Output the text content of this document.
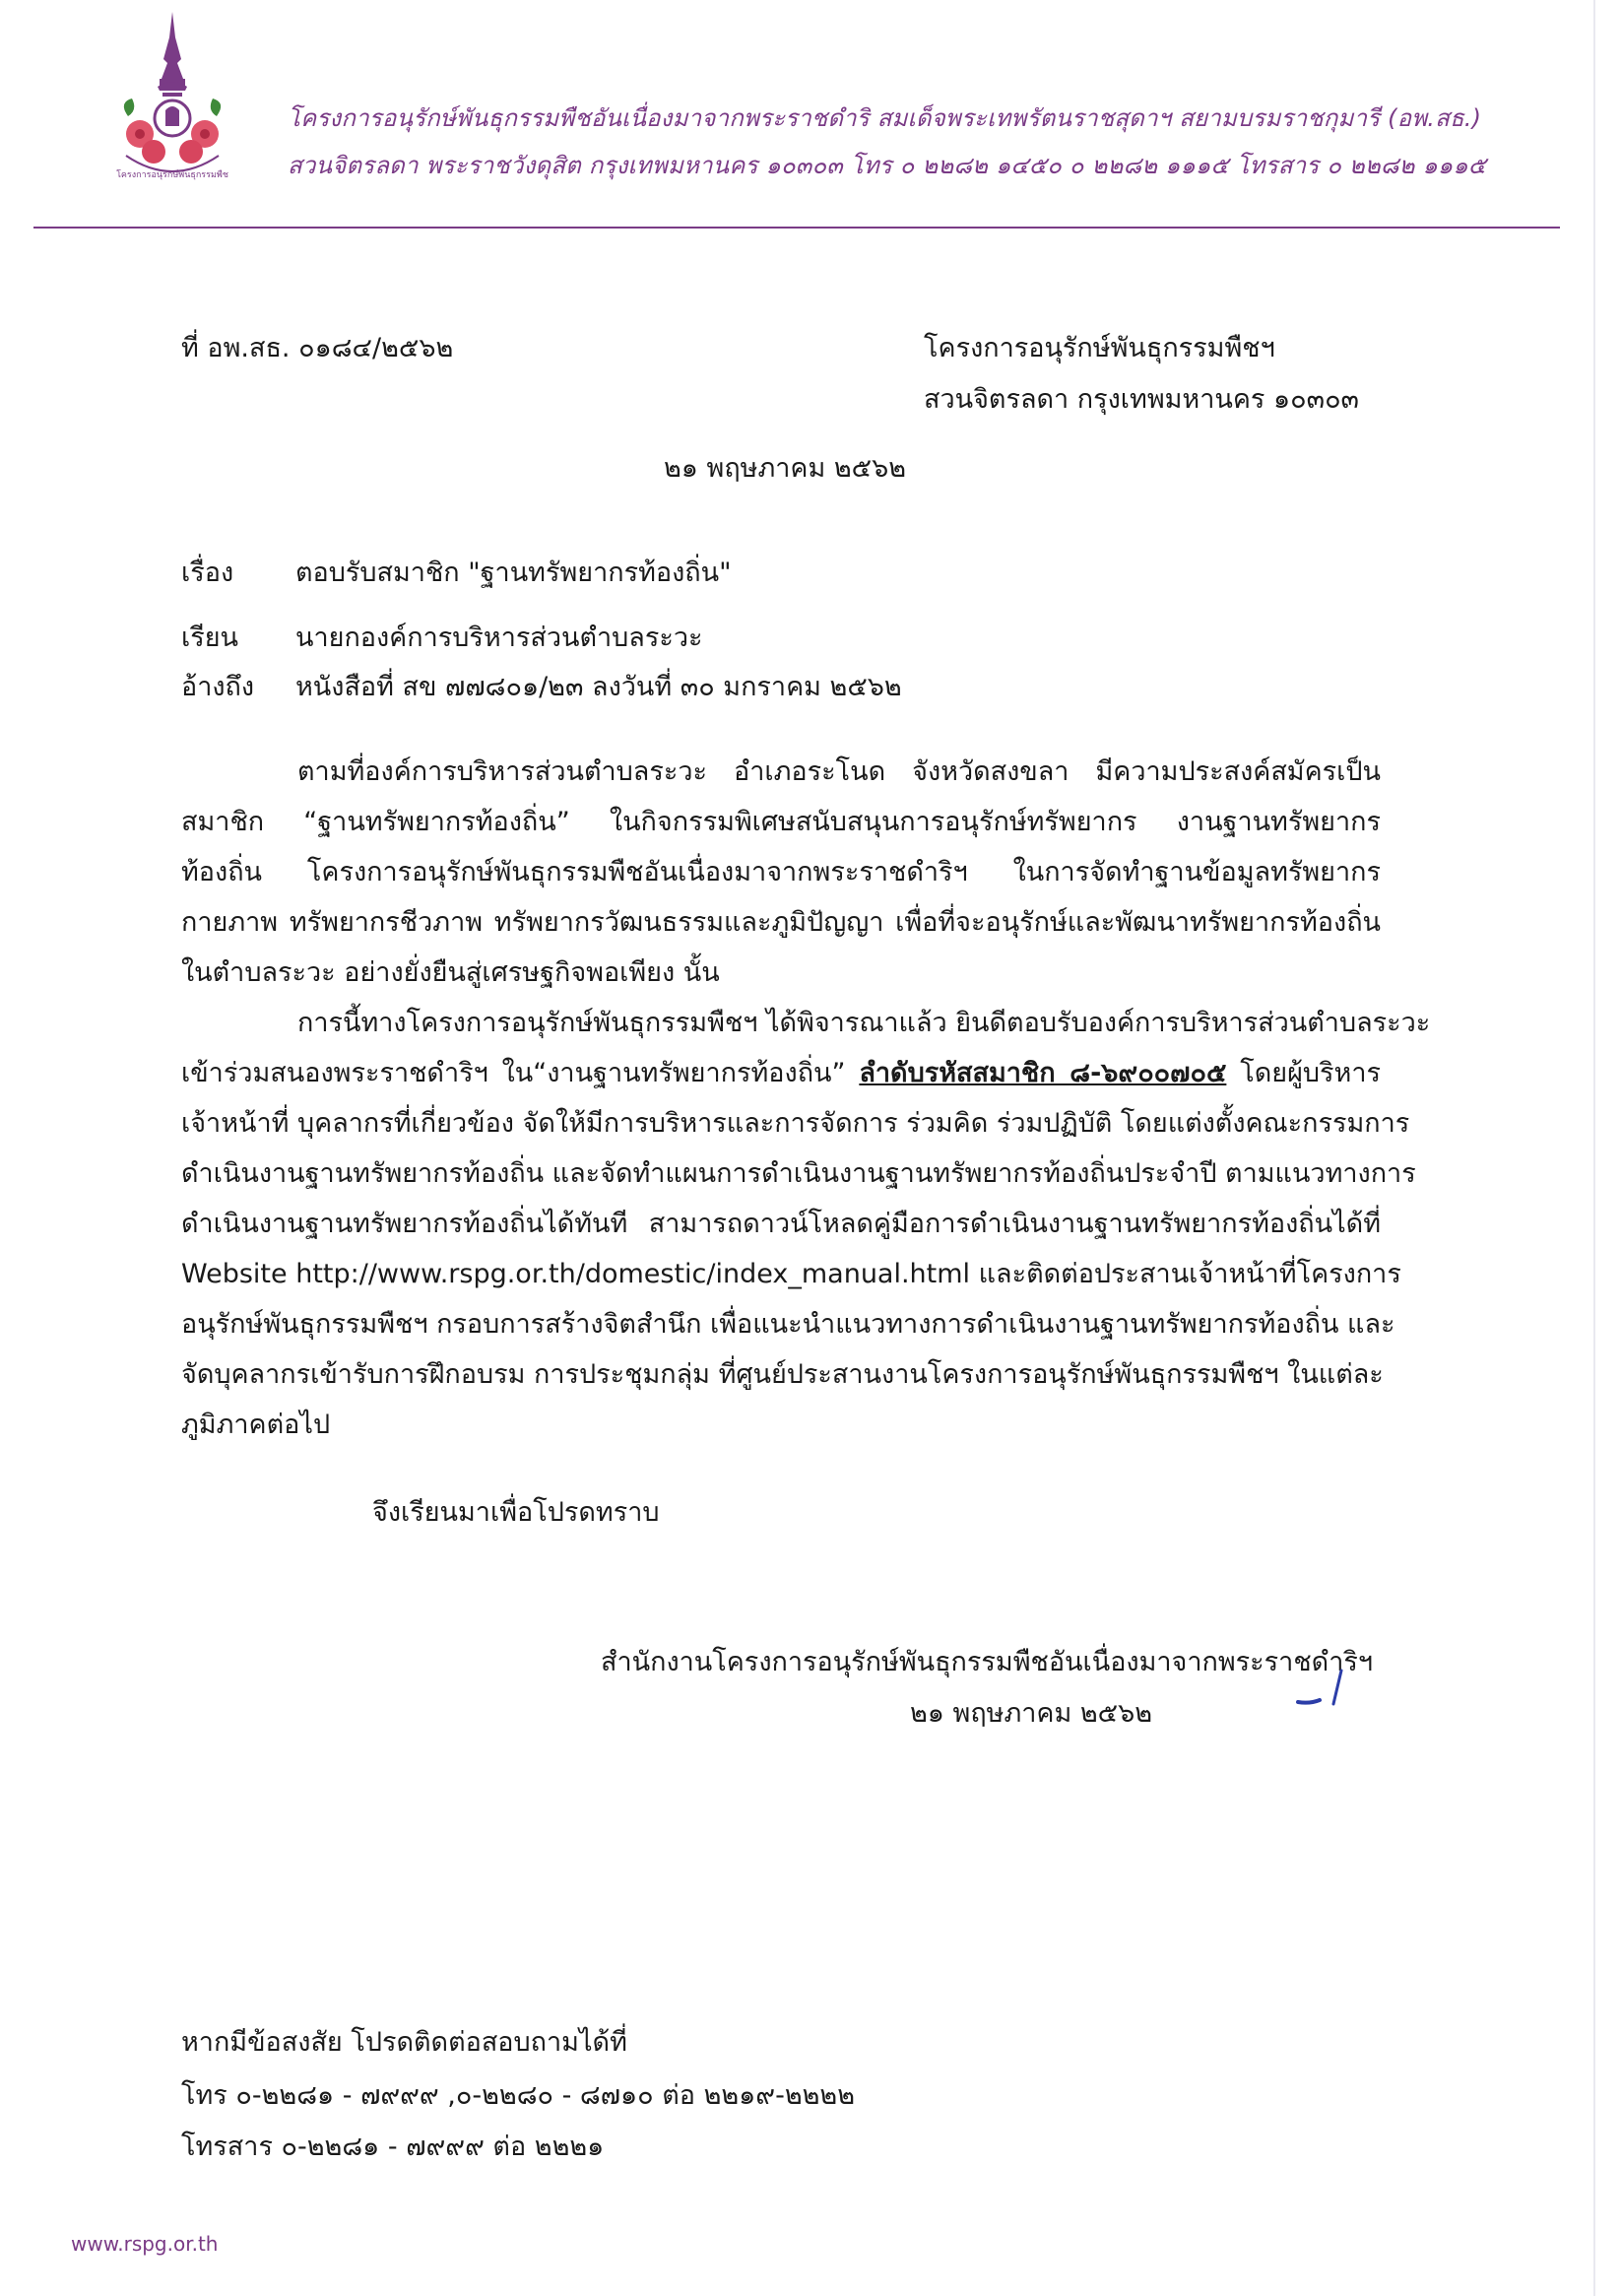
โครงการอนุรักษ์พันธุกรรมพืช
โครงการอนุรักษ์พันธุกรรมพืชอันเนื่องมาจากพระราชดำริ สมเด็จพระเทพรัตนราชสุดาฯ สยามบรมราชกุมารี (อพ.สธ.)
สวนจิตรลดา พระราชวังดุสิต กรุงเทพมหานคร ๑๐๓๐๓ โทร ๐ ๒๒๘๒ ๑๔๕๐ ๐ ๒๒๘๒ ๑๑๑๕ โทรสาร ๐ ๒๒๘๒ ๑๑๑๕
ที่ อพ.สธ. ๐๑๘๔/๒๕๖๒	โครงการอนุรักษ์พันธุกรรมพืชฯ
สวนจิตรลดา กรุงเทพมหานคร ๑๐๓๐๓
๒๑ พฤษภาคม ๒๕๖๒
เรื่อง ตอบรับสมาชิก "ฐานทรัพยากรท้องถิ่น"
เรียน นายกองค์การบริหารส่วนตำบลระวะ
อ้างถึง หนังสือที่ สข ๗๗๘๐๑/๒๓ ลงวันที่ ๓๐ มกราคม ๒๕๖๒
ตามที่องค์การบริหารส่วนตำบลระวะ อำเภอระโนด จังหวัดสงขลา มีความประสงค์สมัครเป็น
สมาชิก “ฐานทรัพยากรท้องถิ่น” ในกิจกรรมพิเศษสนับสนุนการอนุรักษ์ทรัพยากร งานฐานทรัพยากร
ท้องถิ่น โครงการอนุรักษ์พันธุกรรมพืชอันเนื่องมาจากพระราชดำริฯ ในการจัดทำฐานข้อมูลทรัพยากร
กายภาพ ทรัพยากรชีวภาพ ทรัพยากรวัฒนธรรมและภูมิปัญญา เพื่อที่จะอนุรักษ์และพัฒนาทรัพยากรท้องถิ่น
ในตำบลระวะ อย่างยั่งยืนสู่เศรษฐกิจพอเพียง นั้น
การนี้ทางโครงการอนุรักษ์พันธุกรรมพืชฯ ได้พิจารณาแล้ว ยินดีตอบรับองค์การบริหารส่วนตำบลระวะ
เข้าร่วมสนองพระราชดำริฯ ใน“งานฐานทรัพยากรท้องถิ่น” ลำดับรหัสสมาชิก ๘-๖๙๐๐๗๐๕ โดยผู้บริหาร
เจ้าหน้าที่ บุคลากรที่เกี่ยวข้อง จัดให้มีการบริหารและการจัดการ ร่วมคิด ร่วมปฏิบัติ โดยแต่งตั้งคณะกรรมการ
ดำเนินงานฐานทรัพยากรท้องถิ่น และจัดทำแผนการดำเนินงานฐานทรัพยากรท้องถิ่นประจำปี ตามแนวทางการ
ดำเนินงานฐานทรัพยากรท้องถิ่นได้ทันที สามารถดาวน์โหลดคู่มือการดำเนินงานฐานทรัพยากรท้องถิ่นได้ที่
Website http://www.rspg.or.th/domestic/index_manual.html และติดต่อประสานเจ้าหน้าที่โครงการ
อนุรักษ์พันธุกรรมพืชฯ กรอบการสร้างจิตสำนึก เพื่อแนะนำแนวทางการดำเนินงานฐานทรัพยากรท้องถิ่น และ
จัดบุคลากรเข้ารับการฝึกอบรม การประชุมกลุ่ม ที่ศูนย์ประสานงานโครงการอนุรักษ์พันธุกรรมพืชฯ ในแต่ละ
ภูมิภาคต่อไป
จึงเรียนมาเพื่อโปรดทราบ
สำนักงานโครงการอนุรักษ์พันธุกรรมพืชอันเนื่องมาจากพระราชดำริฯ
๒๑ พฤษภาคม ๒๕๖๒
หากมีข้อสงสัย โปรดติดต่อสอบถามได้ที่
โทร ๐-๒๒๘๑ - ๗๙๙๙ ,๐-๒๒๘๐ - ๘๗๑๐ ต่อ ๒๒๑๙-๒๒๒๒
โทรสาร ๐-๒๒๘๑ - ๗๙๙๙ ต่อ ๒๒๒๑
www.rspg.or.th
